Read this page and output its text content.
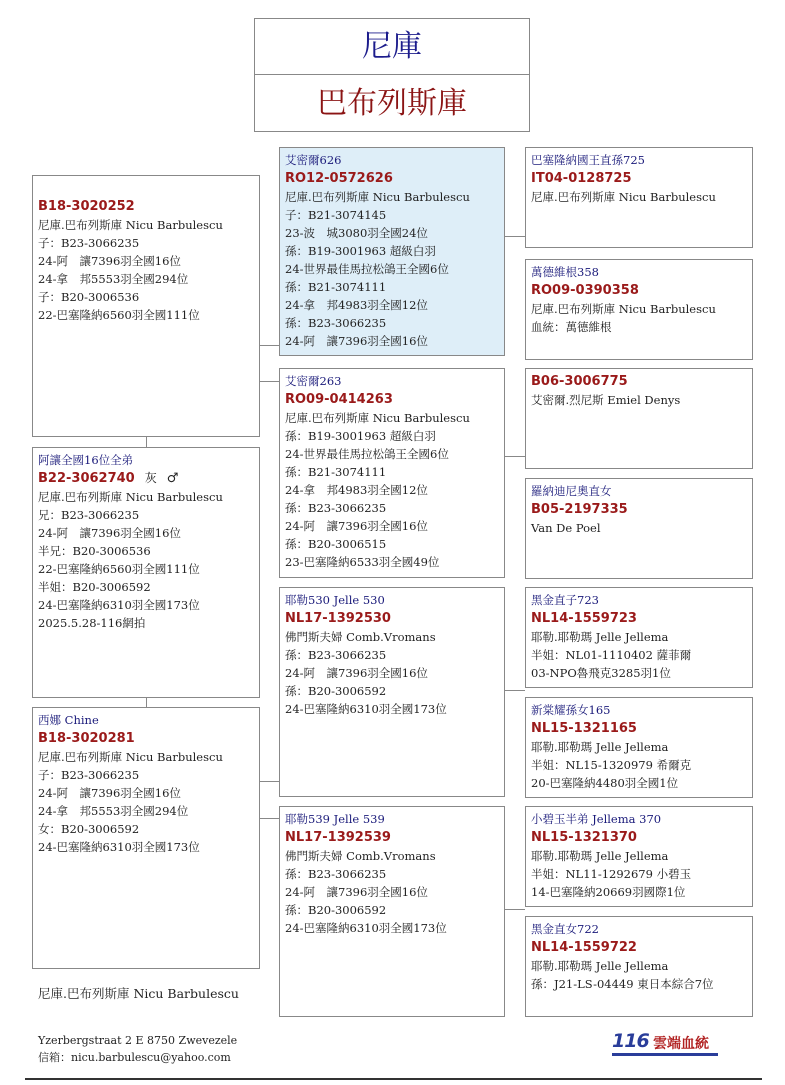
尼庫
巴布列斯庫
B18-3020252
尼庫.巴布列斯庫 Nicu Barbulescu
子：B23-3066235
24-阿　讓7396羽全國16位
24-拿　邦5553羽全國294位
子：B20-3006536
22-巴塞隆納6560羽全國111位
阿讓全國16位全弟
B22-3062740 灰 ♂
尼庫.巴布列斯庫 Nicu Barbulescu
兄：B23-3066235
24-阿　讓7396羽全國16位
半兄：B20-3006536
22-巴塞隆納6560羽全國111位
半姐：B20-3006592
24-巴塞隆納6310羽全國173位
2025.5.28-116網拍
西娜 Chine
B18-3020281
尼庫.巴布列斯庫 Nicu Barbulescu
子：B23-3066235
24-阿　讓7396羽全國16位
24-拿　邦5553羽全國294位
女：B20-3006592
24-巴塞隆納6310羽全國173位
艾密爾626
RO12-0572626
尼庫.巴布列斯庫 Nicu Barbulescu
子：B21-3074145
23-波　城3080羽全國24位
孫：B19-3001963 超級白羽
24-世界最佳馬拉松鴿王全國6位
孫：B21-3074111
24-拿　邦4983羽全國12位
孫：B23-3066235
24-阿　讓7396羽全國16位
艾密爾263
RO09-0414263
尼庫.巴布列斯庫 Nicu Barbulescu
孫：B19-3001963 超級白羽
24-世界最佳馬拉松鴿王全國6位
孫：B21-3074111
24-拿　邦4983羽全國12位
孫：B23-3066235
24-阿　讓7396羽全國16位
孫：B20-3006515
23-巴塞隆納6533羽全國49位
耶勒530 Jelle 530
NL17-1392530
佛門斯夫婦 Comb.Vromans
孫：B23-3066235
24-阿　讓7396羽全國16位
孫：B20-3006592
24-巴塞隆納6310羽全國173位
耶勒539 Jelle 539
NL17-1392539
佛門斯夫婦 Comb.Vromans
孫：B23-3066235
24-阿　讓7396羽全國16位
孫：B20-3006592
24-巴塞隆納6310羽全國173位
巴塞隆納國王直孫725
IT04-0128725
尼庫.巴布列斯庫 Nicu Barbulescu
萬德維根358
RO09-0390358
尼庫.巴布列斯庫 Nicu Barbulescu
血統：萬德維根
B06-3006775
艾密爾.烈尼斯 Emiel Denys
羅納迪尼奧直女
B05-2197335
Van De Poel
黑金直子723
NL14-1559723
耶勒.耶勒瑪 Jelle Jellema
半姐：NL01-1110402 薩菲爾
03-NPO魯飛克3285羽1位
新棠耀孫女165
NL15-1321165
耶勒.耶勒瑪 Jelle Jellema
半姐：NL15-1320979 希爾克
20-巴塞隆納4480羽全國1位
小碧玉半弟 Jellema 370
NL15-1321370
耶勒.耶勒瑪 Jelle Jellema
半姐：NL11-1292679 小碧玉
14-巴塞隆納20669羽國際1位
黑金直女722
NL14-1559722
耶勒.耶勒瑪 Jelle Jellema
孫：J21-LS-04449 東日本綜合7位
尼庫.巴布列斯庫 Nicu Barbulescu
Yzerbergstraat 2 E 8750 Zwevezele
信箱：nicu.barbulescu@yahoo.com
116 雲端血統
